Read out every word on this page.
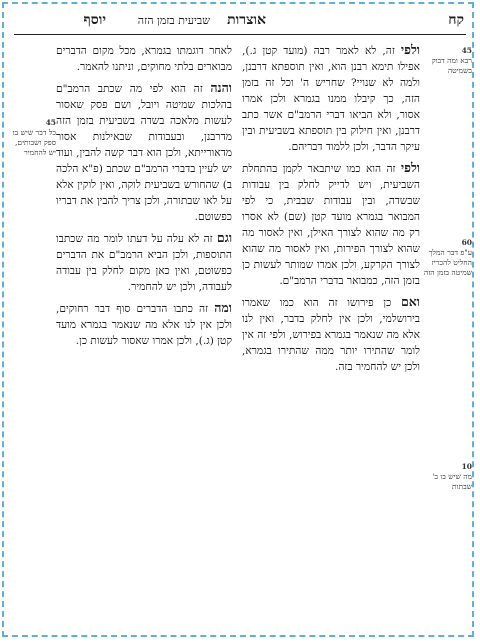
קח
אוצרות
שביעית בזמן הזה
יוסף
45
רבא ומה דבוק בשמיטה
60
ע"פ דבר המלך החליט להכריז שמיטה בזמן הזה
10
מה שיש בו ב' שבתות
45
כל דבר שיש בו ספק ושבותים, יש להחמיר

ולפי זה, לא לאמר רבה (מועד קטן ג.), אפילו תימא רבנן הוא, ואין תוספתא דרבנן, ולמה לא שנויי? שחריש ה' וכל זה בזמן הזה, כך קיבלו ממנו בגמרא ולכן אמרו אסור, ולא הביאו דברי הרמב"ם אשר כתב דרבנן, ואין חילוק בין תוספתא בשביעית ובין עיקר הדבר, ולכן ללמוד דבריהם.

ולפי זה הוא כמו שיתבאר לקמן בהתחלת השביעית, ויש לדייק לחלק בין עבודות שבשדה, ובין עבודות שבבית, כי לפי המבואר בגמרא מועד קטן (שם) לא אסרו רק מה שהוא לצורך האילן, ואין לאסור מה שהוא לצורך הפירות, ואין לאסור מה שהוא לצורך הקרקע, ולכן אמרו שמותר לעשות כן בזמן הזה, כמבואר בדברי הרמב"ם.

ואם כן פירושו זה הוא כמו שאמרו בירושלמי, ולכן אין לחלק בדבר, ואין לנו אלא מה שנאמר בגמרא בפירוש, ולפי זה אין לומר שהתירו יותר ממה שהתירו בגמרא, ולכן יש להחמיר בזה.

לאחר דוגמתו בגמרא, מכל מקום הדברים מבוארים בלתי מחוקים, וניתנו להאמר.

והנה זה הוא לפי מה שכתב הרמב"ם בהלכות שמיטה ויובל, ושם פסק שאסור לעשות מלאכה בשדה בשביעית בזמן הזה מדרבנן, ובעבודות שבאילנות אסור מדאורייתא, ולכן הוא דבר קשה להבין, ועוד יש לעיין בדברי הרמב"ם שכתב (פ"א הלכה ב) שהחורש בשביעית לוקה, ואין לוקין אלא על לאו שבתורה, ולכן צריך להבין את דבריו כפשוטם.

וגם זה לא עלה על דעתו לומר מה שכתבו התוספות, ולכן הביא הרמב"ם את הדברים כפשוטם, ואין כאן מקום לחלק בין עבודה לעבודה, ולכן יש להחמיר.

ומה זה כתבו הדברים סוף דבר רחוקים, ולכן אין לנו אלא מה שנאמר בגמרא מועד קטן (ג.), ולכן אמרו שאסור לעשות כן.
